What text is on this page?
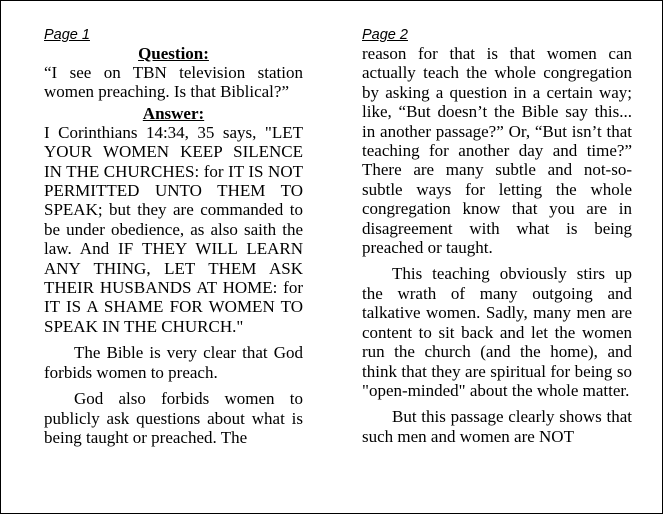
Page 1
Question:

“I see on TBN television station women preaching. Is that Biblical?”

Answer:

I Corinthians 14:34, 35 says, "LET YOUR WOMEN KEEP SILENCE IN THE CHURCHES: for IT IS NOT PERMITTED UNTO THEM TO SPEAK; but they are commanded to be under obedience, as also saith the law. And IF THEY WILL LEARN ANY THING, LET THEM ASK THEIR HUSBANDS AT HOME: for IT IS A SHAME FOR WOMEN TO SPEAK IN THE CHURCH."

The Bible is very clear that God forbids women to preach.

God also forbids women to publicly ask questions about what is being taught or preached. The

Page 2

reason for that is that women can actually teach the whole congregation by asking a question in a certain way; like, “But doesn’t the Bible say this... in another passage?” Or, “But isn’t that teaching for another day and time?” There are many subtle and not-so-subtle ways for letting the whole congregation know that you are in disagreement with what is being preached or taught.

This teaching obviously stirs up the wrath of many outgoing and talkative women. Sadly, many men are content to sit back and let the women run the church (and the home), and think that they are spiritual for being so "open-minded" about the whole matter.

But this passage clearly shows that such men and women are NOT
